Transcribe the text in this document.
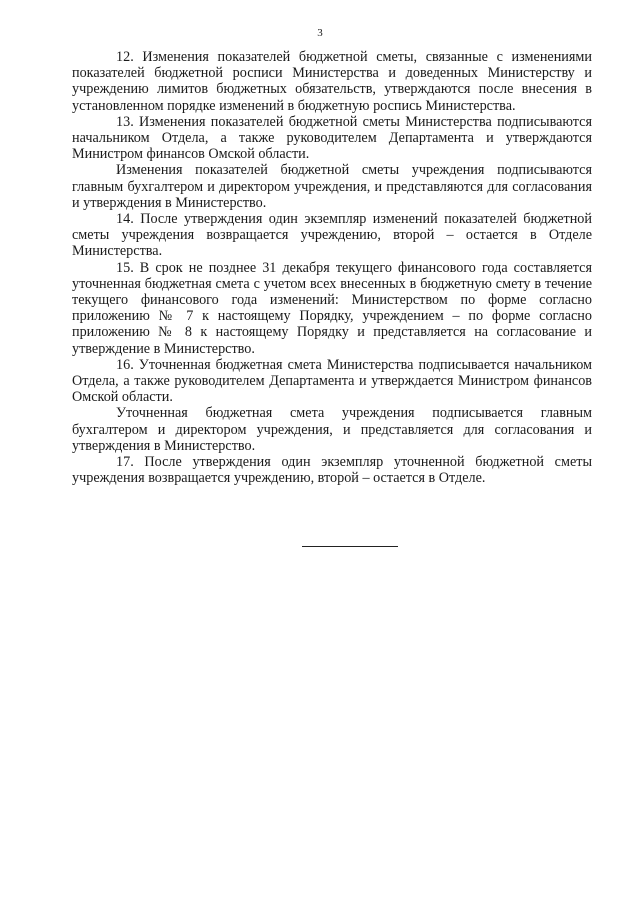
3

12. Изменения показателей бюджетной сметы, связанные с изменениями показателей бюджетной росписи Министерства и доведенных Министерству и учреждению лимитов бюджетных обязательств, утверждаются после внесения в установленном порядке изменений в бюджетную роспись Министерства.

13. Изменения показателей бюджетной сметы Министерства подписываются начальником Отдела, а также руководителем Департамента и утверждаются Министром финансов Омской области.

Изменения показателей бюджетной сметы учреждения подписываются главным бухгалтером и директором учреждения, и представляются для согласования и утверждения в Министерство.

14. После утверждения один экземпляр изменений показателей бюджетной сметы учреждения возвращается учреждению, второй – остается в Отделе Министерства.

15. В срок не позднее 31 декабря текущего финансового года составляется уточненная бюджетная смета с учетом всех внесенных в бюджетную смету в течение текущего финансового года изменений: Министерством по форме согласно приложению № 7 к настоящему Порядку, учреждением – по форме согласно приложению № 8 к настоящему Порядку и представляется на согласование и утверждение в Министерство.

16. Уточненная бюджетная смета Министерства подписывается начальником Отдела, а также руководителем Департамента и утверждается Министром финансов Омской области.

Уточненная бюджетная смета учреждения подписывается главным бухгалтером и директором учреждения, и представляется для согласования и утверждения в Министерство.

17. После утверждения один экземпляр уточненной бюджетной сметы учреждения возвращается учреждению, второй – остается в Отделе.
